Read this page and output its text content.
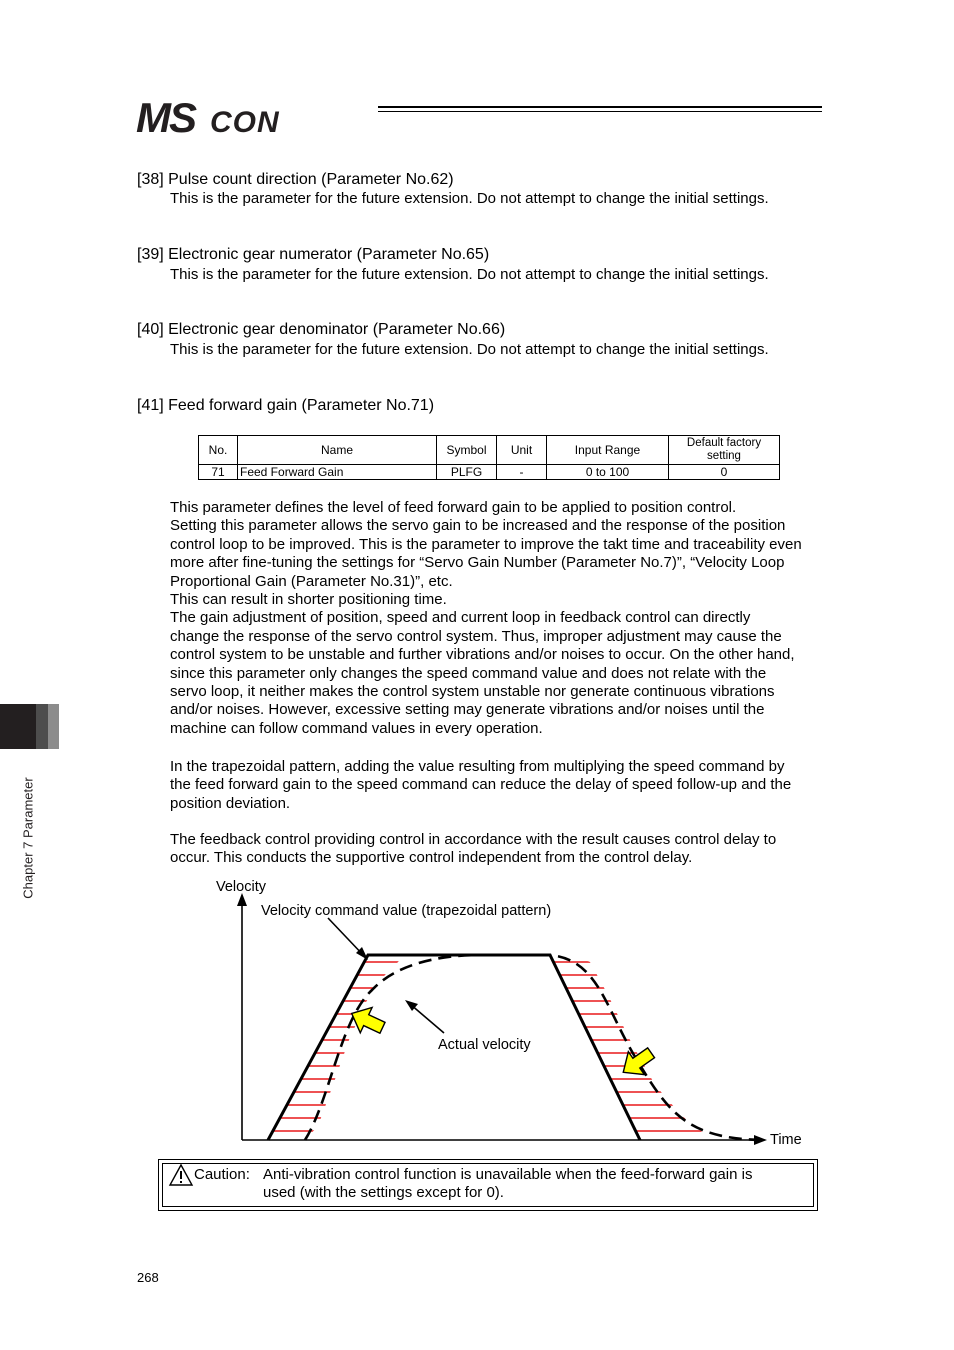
MS CON
[38] Pulse count direction (Parameter No.62)
This is the parameter for the future extension. Do not attempt to change the initial settings.
[39] Electronic gear numerator (Parameter No.65)
This is the parameter for the future extension. Do not attempt to change the initial settings.
[40] Electronic gear denominator (Parameter No.66)
This is the parameter for the future extension. Do not attempt to change the initial settings.
[41] Feed forward gain (Parameter No.71)
No.	Name	Symbol	Unit	Input Range	Default factory
setting

71	Feed Forward Gain	PLFG	-	0 to 100	0
This parameter defines the level of feed forward gain to be applied to position control.
Setting this parameter allows the servo gain to be increased and the response of the position
control loop to be improved. This is the parameter to improve the takt time and traceability even
more after fine-tuning the settings for “Servo Gain Number (Parameter No.7)”, “Velocity Loop
Proportional Gain (Parameter No.31)”, etc.
This can result in shorter positioning time.
The gain adjustment of position, speed and current loop in feedback control can directly
change the response of the servo control system. Thus, improper adjustment may cause the
control system to be unstable and further vibrations and/or noises to occur. On the other hand,
since this parameter only changes the speed command value and does not relate with the
servo loop, it neither makes the control system unstable nor generate continuous vibrations
and/or noises. However, excessive setting may generate vibrations and/or noises until the
machine can follow command values in every operation.
In the trapezoidal pattern, adding the value resulting from multiplying the speed command by
the feed forward gain to the speed command can reduce the delay of speed follow-up and the
position deviation.
The feedback control providing control in accordance with the result causes control delay to
occur. This conducts the supportive control independent from the control delay.
Chapter 7 Parameter	Velocity
Velocity command value (trapezoidal pattern)
Actual velocity
Time
Caution: Anti-vibration control function is unavailable when the feed-forward gain is
used (with the settings except for 0).
268
